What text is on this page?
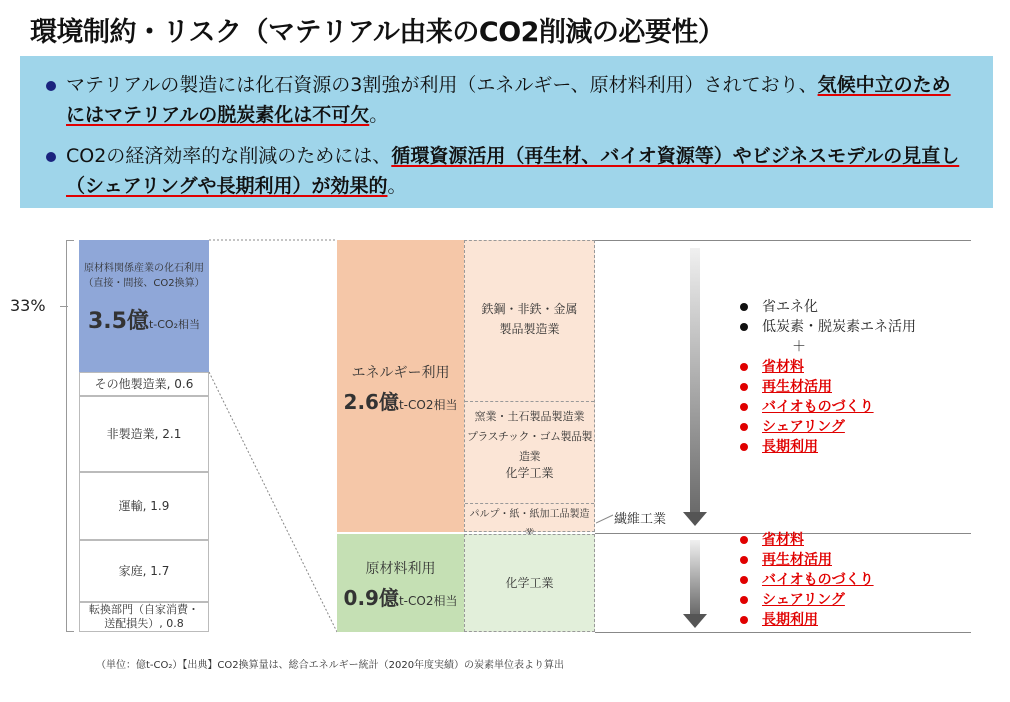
環境制約・リスク（マテリアル由来のCO2削減の必要性）
マテリアルの製造には化石資源の3割強が利用（エネルギー、原材料利用）されており、気候中立のためにはマテリアルの脱炭素化は不可欠。
CO2の経済効率的な削減のためには、循環資源活用（再生材、バイオ資源等）やビジネスモデルの見直し（シェアリングや長期利用）が効果的。
33%
原材料関係産業の化石利用
（直接・間接、CO2換算）
3.5億t-CO₂相当
その他製造業, 0.6
非製造業, 2.1
運輸, 1.9
家庭, 1.7
転換部門（自家消費・送配損失）, 0.8
エネルギー利用
2.6億t-CO2相当
原材料利用
0.9億t-CO2相当
鉄鋼・非鉄・金属製品製造業
窯業・土石製品製造業
プラスチック・ゴム製品製造業
化学工業
パルプ・紙・紙加工品製造
化学工業
繊維工業
省エネ化
低炭素・脱炭素エネ活用
＋
省材料
再生材活用
バイオものづくり
シェアリング
長期利用
省材料
再生材活用
バイオものづくり
シェアリング
長期利用
（単位：億t-CO₂）【出典】CO2換算量は、総合エネルギー統計（2020年度実績）の炭素単位表より算出
